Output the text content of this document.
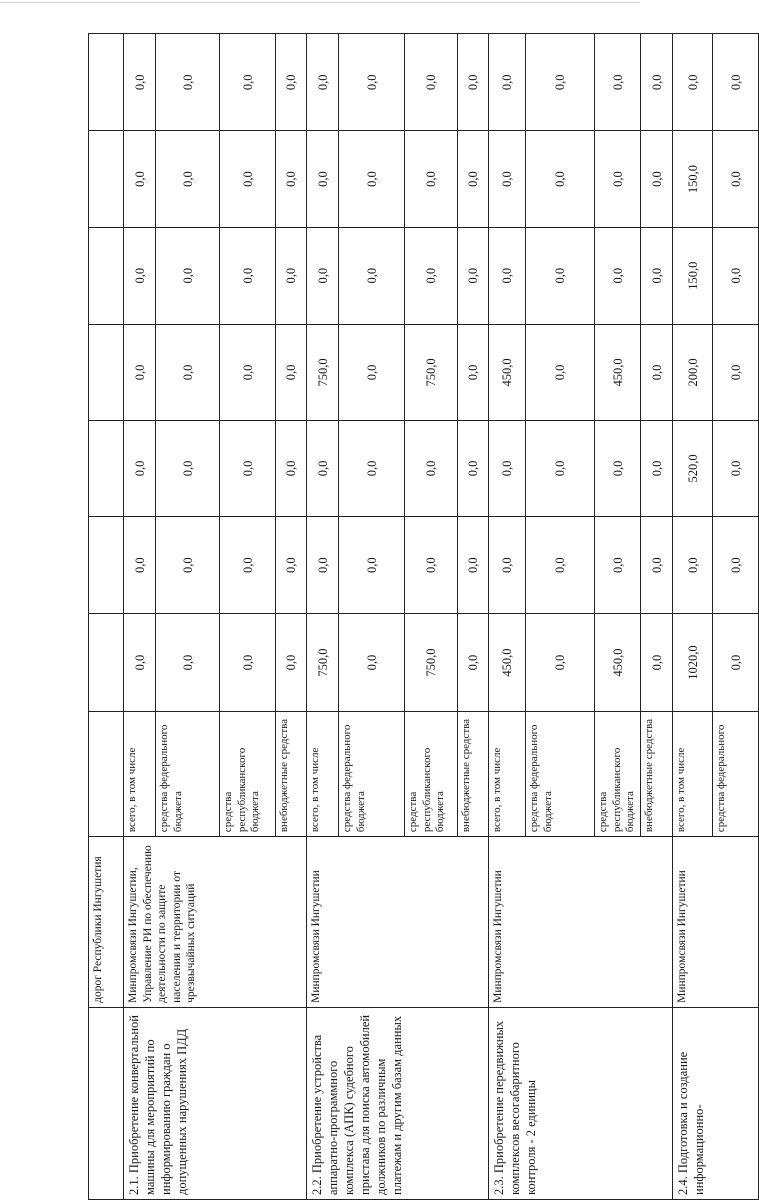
	дорог Республики Ингушетия								
2.1. Приобретение конвертальной машины для мероприятий по информированию граждан о допущенных нарушениях ПДД	Минпромсвязи Ингушетии, Управление РИ по обеспечению деятельности по защите населения и территории от чрезвычайных ситуаций	всего, в том числе	0,0	0,0	0,0	0,0	0,0	0,0	0,0
		средства федерального бюджета	0,0	0,0	0,0	0,0	0,0	0,0	0,0
		средства республиканского бюджета	0,0	0,0	0,0	0,0	0,0	0,0	0,0
		внебюджетные средства	0,0	0,0	0,0	0,0	0,0	0,0	0,0
2.2. Приобретение устройства аппаратно-программного комплекса (АПК) судебного пристава для поиска автомобилей должников по различным платежам и другим базам данных	Минпромсвязи Ингушетии	всего, в том числе	750,0	0,0	0,0	750,0	0,0	0,0	0,0
		средства федерального бюджета	0,0	0,0	0,0	0,0	0,0	0,0	0,0
		средства республиканского бюджета	750,0	0,0	0,0	750,0	0,0	0,0	0,0
		внебюджетные средства	0,0	0,0	0,0	0,0	0,0	0,0	0,0
2.3. Приобретение передвижных комплексов весогабаритного контроля - 2 единицы	Минпромсвязи Ингушетии	всего, в том числе	450,0	0,0	0,0	450,0	0,0	0,0	0,0
		средства федерального бюджета	0,0	0,0	0,0	0,0	0,0	0,0	0,0
		средства республиканского бюджета	450,0	0,0	0,0	450,0	0,0	0,0	0,0
		внебюджетные средства	0,0	0,0	0,0	0,0	0,0	0,0	0,0
2.4. Подготовка и создание информационно-	Минпромсвязи Ингушетии	всего, в том числе	1020,0	0,0	520,0	200,0	150,0	150,0	0,0
		средства федерального	0,0	0,0	0,0	0,0	0,0	0,0	0,0
